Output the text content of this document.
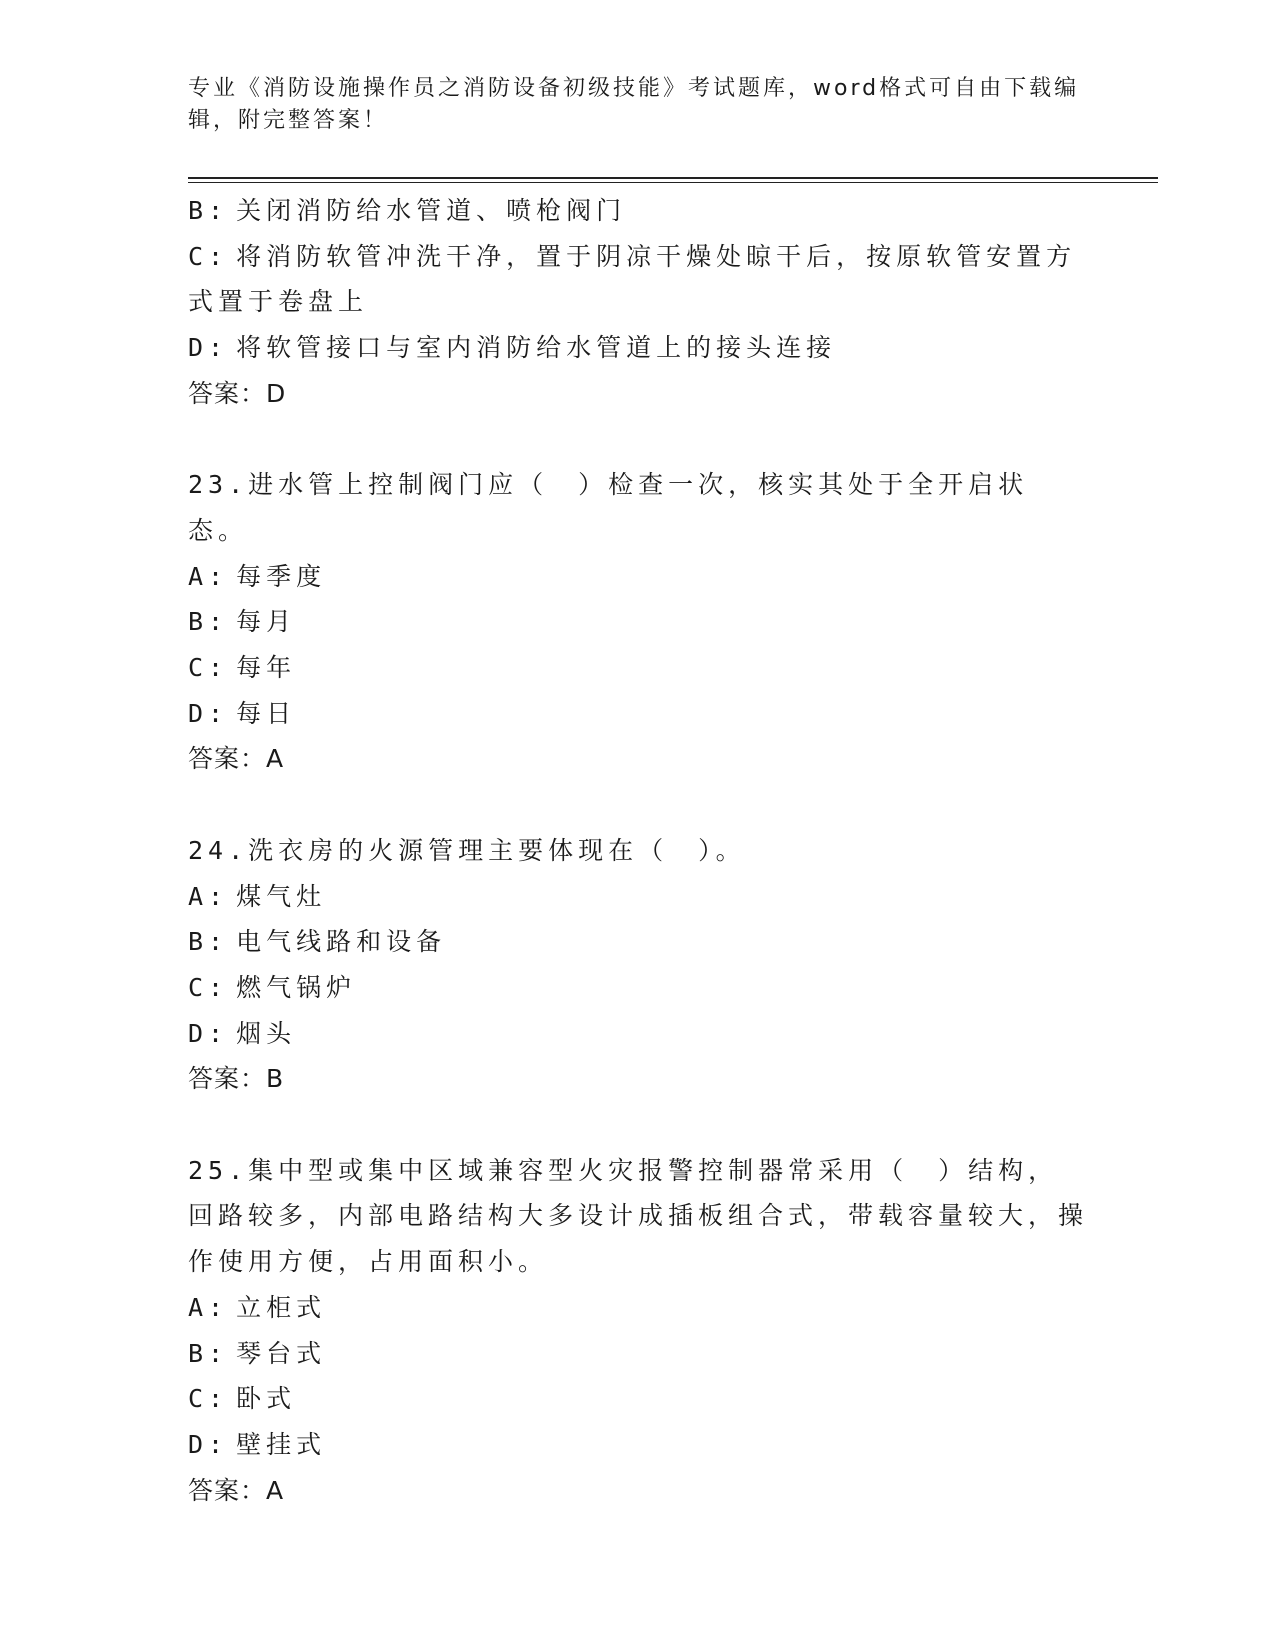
专业《消防设施操作员之消防设备初级技能》考试题库，word格式可自由下载编辑，附完整答案！
B: 关闭消防给水管道、喷枪阀门
C: 将消防软管冲洗干净，置于阴凉干燥处晾干后，按原软管安置方式置于卷盘上
D: 将软管接口与室内消防给水管道上的接头连接
答案：D
23.进水管上控制阀门应（　）检查一次，核实其处于全开启状态。
A: 每季度
B: 每月
C: 每年
D: 每日
答案：A
24.洗衣房的火源管理主要体现在（　）。
A: 煤气灶
B: 电气线路和设备
C: 燃气锅炉
D: 烟头
答案：B
25.集中型或集中区域兼容型火灾报警控制器常采用（　）结构，回路较多，内部电路结构大多设计成插板组合式，带载容量较大，操作使用方便，占用面积小。
A: 立柜式
B: 琴台式
C: 卧式
D: 壁挂式
答案：A
